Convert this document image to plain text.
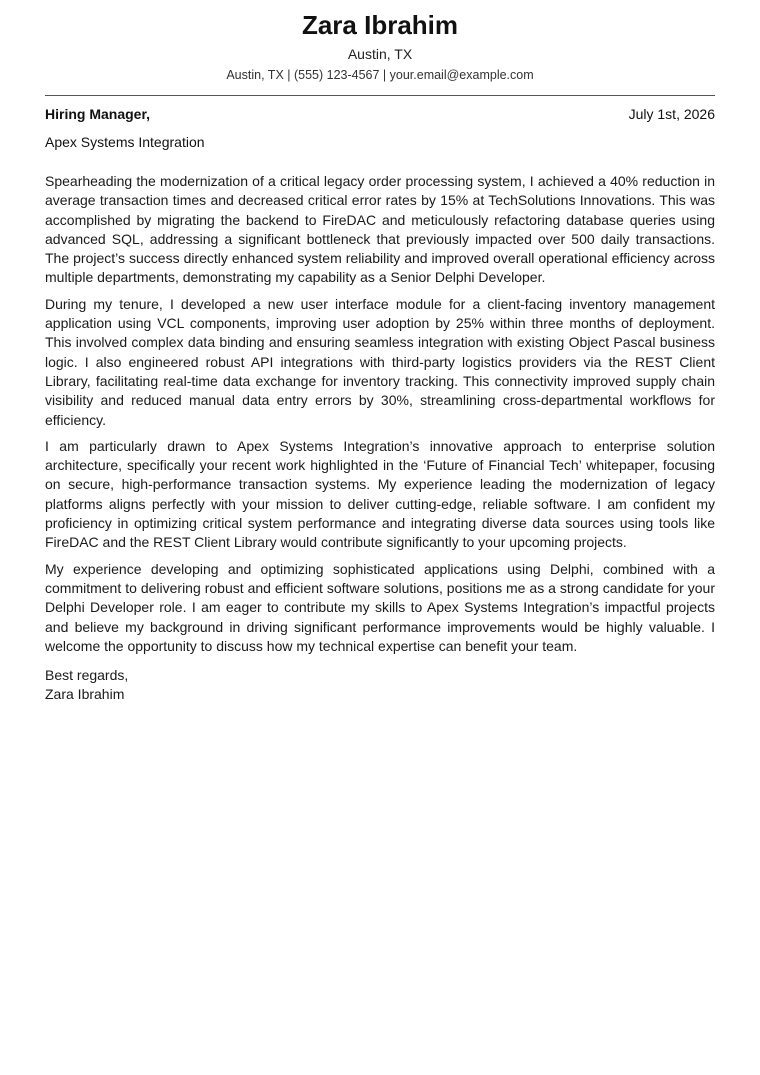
Zara Ibrahim
Austin, TX
Austin, TX | (555) 123-4567 | your.email@example.com
Hiring Manager,	July 1st, 2026
Apex Systems Integration

Spearheading the modernization of a critical legacy order processing system, I achieved a 40% reduction in average transaction times and decreased critical error rates by 15% at TechSolutions Innovations. This was accomplished by migrating the backend to FireDAC and meticulously refactoring database queries using advanced SQL, addressing a significant bottleneck that previously impacted over 500 daily transactions. The project’s success directly enhanced system reliability and improved overall operational efficiency across multiple departments, demonstrating my capability as a Senior Delphi Developer.

During my tenure, I developed a new user interface module for a client-facing inventory management application using VCL components, improving user adoption by 25% within three months of deployment. This involved complex data binding and ensuring seamless integration with existing Object Pascal business logic. I also engineered robust API integrations with third-party logistics providers via the REST Client Library, facilitating real-time data exchange for inventory tracking. This connectivity improved supply chain visibility and reduced manual data entry errors by 30%, streamlining cross-departmental workflows for efficiency.

I am particularly drawn to Apex Systems Integration’s innovative approach to enterprise solution architecture, specifically your recent work highlighted in the ‘Future of Financial Tech’ whitepaper, focusing on secure, high-performance transaction systems. My experience leading the modernization of legacy platforms aligns perfectly with your mission to deliver cutting-edge, reliable software. I am confident my proficiency in optimizing critical system performance and integrating diverse data sources using tools like FireDAC and the REST Client Library would contribute significantly to your upcoming projects.

My experience developing and optimizing sophisticated applications using Delphi, combined with a commitment to delivering robust and efficient software solutions, positions me as a strong candidate for your Delphi Developer role. I am eager to contribute my skills to Apex Systems Integration’s impactful projects and believe my background in driving significant performance improvements would be highly valuable. I welcome the opportunity to discuss how my technical expertise can benefit your team.

Best regards,
Zara Ibrahim
